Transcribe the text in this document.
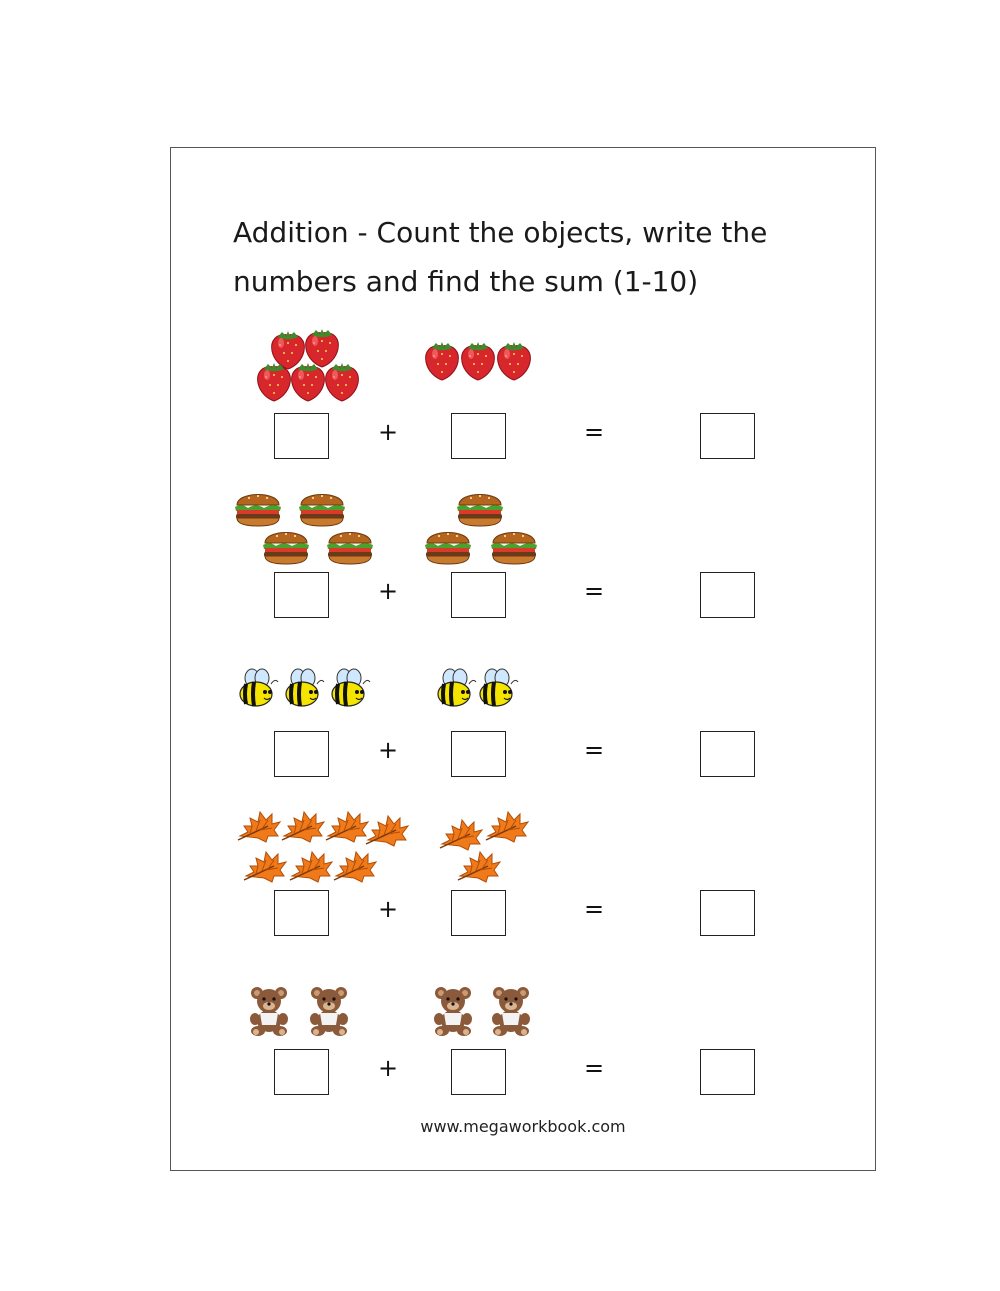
Addition - Count the objects, write the
numbers and find the sum (1-10)
+	=
+	=
+	=
+	=
+	=
www.megaworkbook.com
